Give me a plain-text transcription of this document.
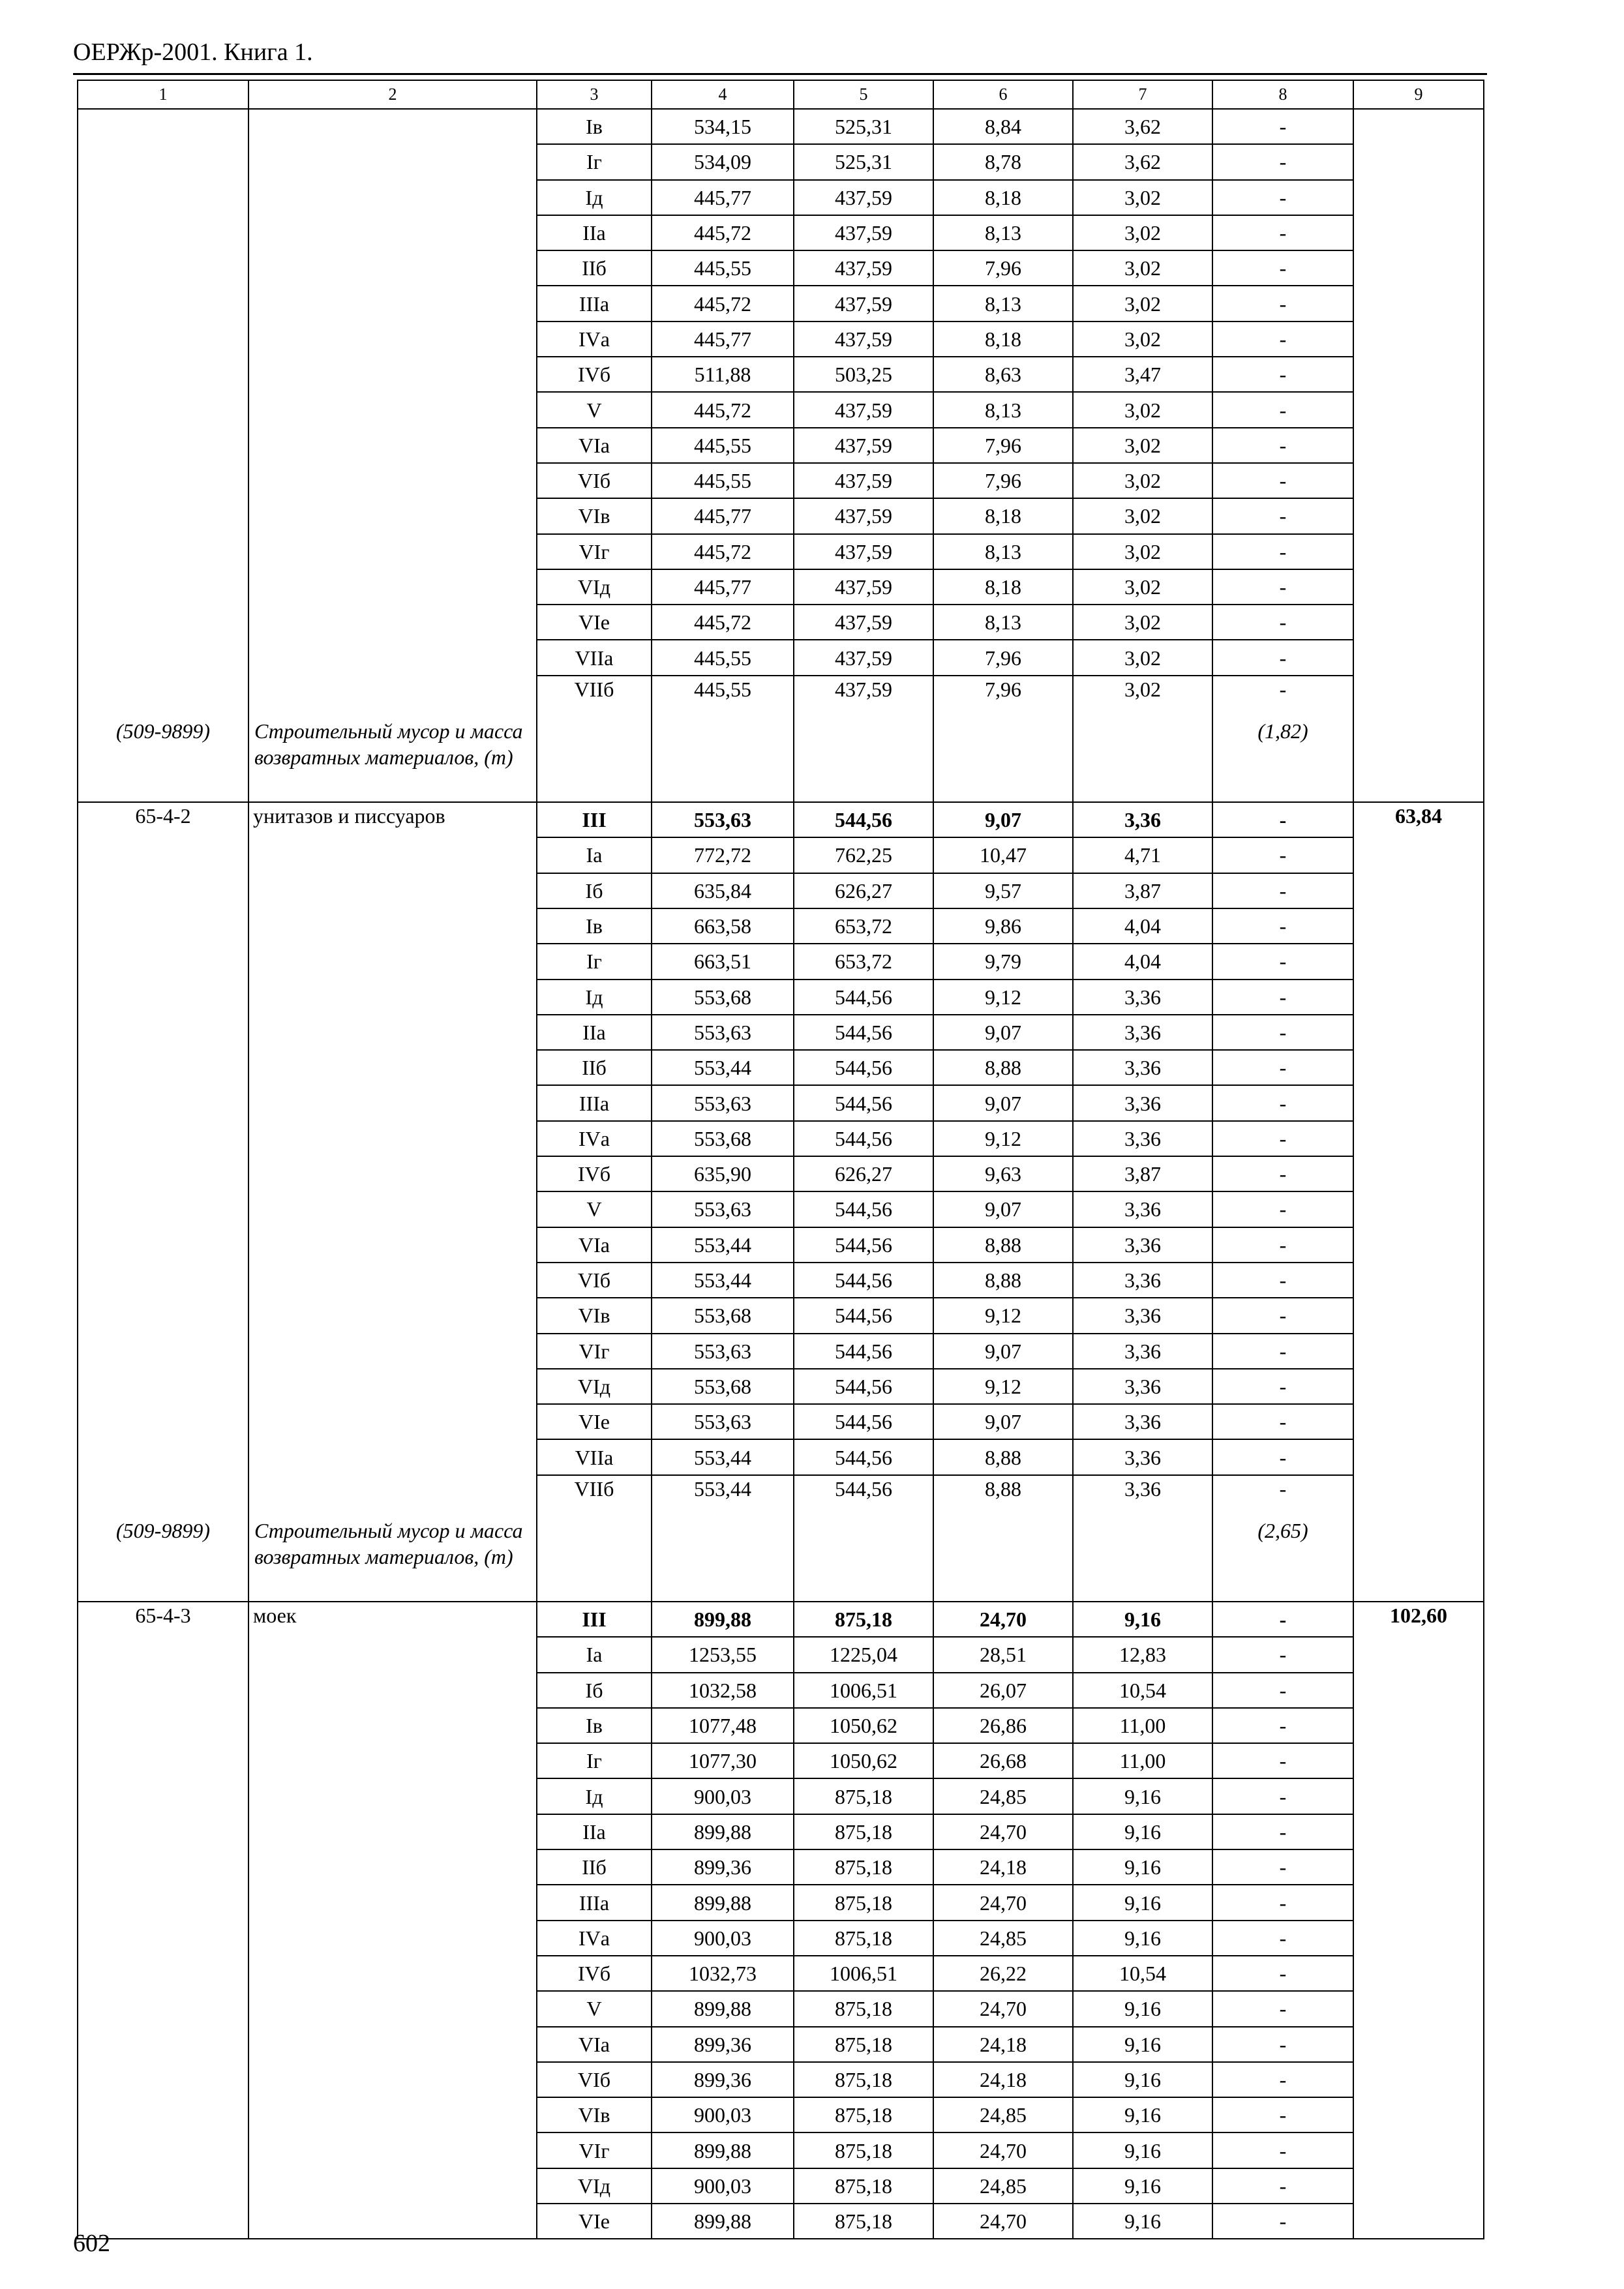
ОЕРЖр-2001. Книга 1.
1	2	3	4	5	6	7	8	9
		Iв	534,15	525,31	8,84	3,62	-	
		Iг	534,09	525,31	8,78	3,62	-	
		Iд	445,77	437,59	8,18	3,02	-	
		IIа	445,72	437,59	8,13	3,02	-	
		IIб	445,55	437,59	7,96	3,02	-	
		IIIа	445,72	437,59	8,13	3,02	-	
		IVа	445,77	437,59	8,18	3,02	-	
		IVб	511,88	503,25	8,63	3,47	-	
		V	445,72	437,59	8,13	3,02	-	
		VIа	445,55	437,59	7,96	3,02	-	
		VIб	445,55	437,59	7,96	3,02	-	
		VIв	445,77	437,59	8,18	3,02	-	
		VIг	445,72	437,59	8,13	3,02	-	
		VIд	445,77	437,59	8,18	3,02	-	
		VIе	445,72	437,59	8,13	3,02	-	
		VIIа	445,55	437,59	7,96	3,02	-	
		VIIб	445,55	437,59	7,96	3,02	-	

(509-9899)	Строительный мусор и масса возвратных материалов, (т)						(1,82)	

65-4-2	унитазов и писсуаров	III	553,63	544,56	9,07	3,36	-	63,84
		Iа	772,72	762,25	10,47	4,71	-	
		Iб	635,84	626,27	9,57	3,87	-	
		Iв	663,58	653,72	9,86	4,04	-	
		Iг	663,51	653,72	9,79	4,04	-	
		Iд	553,68	544,56	9,12	3,36	-	
		IIа	553,63	544,56	9,07	3,36	-	
		IIб	553,44	544,56	8,88	3,36	-	
		IIIа	553,63	544,56	9,07	3,36	-	
		IVа	553,68	544,56	9,12	3,36	-	
		IVб	635,90	626,27	9,63	3,87	-	
		V	553,63	544,56	9,07	3,36	-	
		VIа	553,44	544,56	8,88	3,36	-	
		VIб	553,44	544,56	8,88	3,36	-	
		VIв	553,68	544,56	9,12	3,36	-	
		VIг	553,63	544,56	9,07	3,36	-	
		VIд	553,68	544,56	9,12	3,36	-	
		VIе	553,63	544,56	9,07	3,36	-	
		VIIа	553,44	544,56	8,88	3,36	-	
		VIIб	553,44	544,56	8,88	3,36	-	

(509-9899)	Строительный мусор и масса возвратных материалов, (т)						(2,65)	

65-4-3	моек	III	899,88	875,18	24,70	9,16	-	102,60
		Iа	1253,55	1225,04	28,51	12,83	-	
		Iб	1032,58	1006,51	26,07	10,54	-	
		Iв	1077,48	1050,62	26,86	11,00	-	
		Iг	1077,30	1050,62	26,68	11,00	-	
		Iд	900,03	875,18	24,85	9,16	-	
		IIа	899,88	875,18	24,70	9,16	-	
		IIб	899,36	875,18	24,18	9,16	-	
		IIIа	899,88	875,18	24,70	9,16	-	
		IVа	900,03	875,18	24,85	9,16	-	
		IVб	1032,73	1006,51	26,22	10,54	-	
		V	899,88	875,18	24,70	9,16	-	
		VIа	899,36	875,18	24,18	9,16	-	
		VIб	899,36	875,18	24,18	9,16	-	
		VIв	900,03	875,18	24,85	9,16	-	
		VIг	899,88	875,18	24,70	9,16	-	
		VIд	900,03	875,18	24,85	9,16	-	
		VIе	899,88	875,18	24,70	9,16	-	
602
